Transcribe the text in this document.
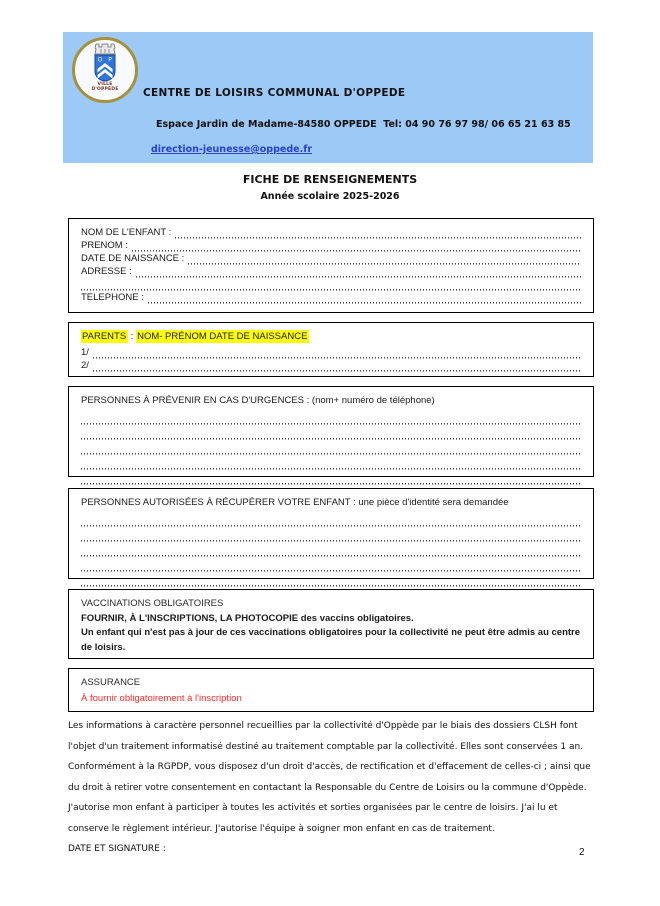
O P
VILLE
D'OPPÈDE CENTRE DE LOISIRS COMMUNAL D'OPPEDE
Espace Jardin de Madame-84580 OPPEDE  Tel: 04 90 76 97 98/ 06 65 21 63 85
direction-jeunesse@oppede.fr
FICHE DE RENSEIGNEMENTS
Année scolaire 2025-2026
NOM DE L'ENFANT :
PRENOM :
DATE DE NAISSANCE :
ADRESSE :
TELEPHONE :
PARENTS : NOM- PRÉNOM DATE DE NAISSANCE
1/
2/
PERSONNES À PRÉVENIR EN CAS D'URGENCES : (nom+ numéro de téléphone)
PERSONNES AUTORISÉES À RÉCUPÉRER VOTRE ENFANT : une pièce d'identité sera demandée
VACCINATIONS OBLIGATOIRES
FOURNIR, À L'INSCRIPTIONS, LA PHOTOCOPIE des vaccins obligatoires.
Un enfant qui n'est pas à jour de ces vaccinations obligatoires pour la collectivité ne peut être admis au centre de loisirs.
ASSURANCE
À fournir obligatoirement à l'inscription

Les informations à caractère personnel recueillies par la collectivité d'Oppède par le biais des dossiers CLSH font l'objet d'un traitement informatisé destiné au traitement comptable par la collectivité. Elles sont conservées 1 an.

Conformément à la RGPDP, vous disposez d'un droit d'accès, de rectification et d'effacement de celles-ci ; ainsi que du droit à retirer votre consentement en contactant la Responsable du Centre de Loisirs ou la commune d'Oppède.

J'autorise mon enfant à participer à toutes les activités et sorties organisées par le centre de loisirs. J'ai lu et conserve le règlement intérieur. J'autorise l'équipe à soigner mon enfant en cas de traitement.

DATE ET SIGNATURE :	2
